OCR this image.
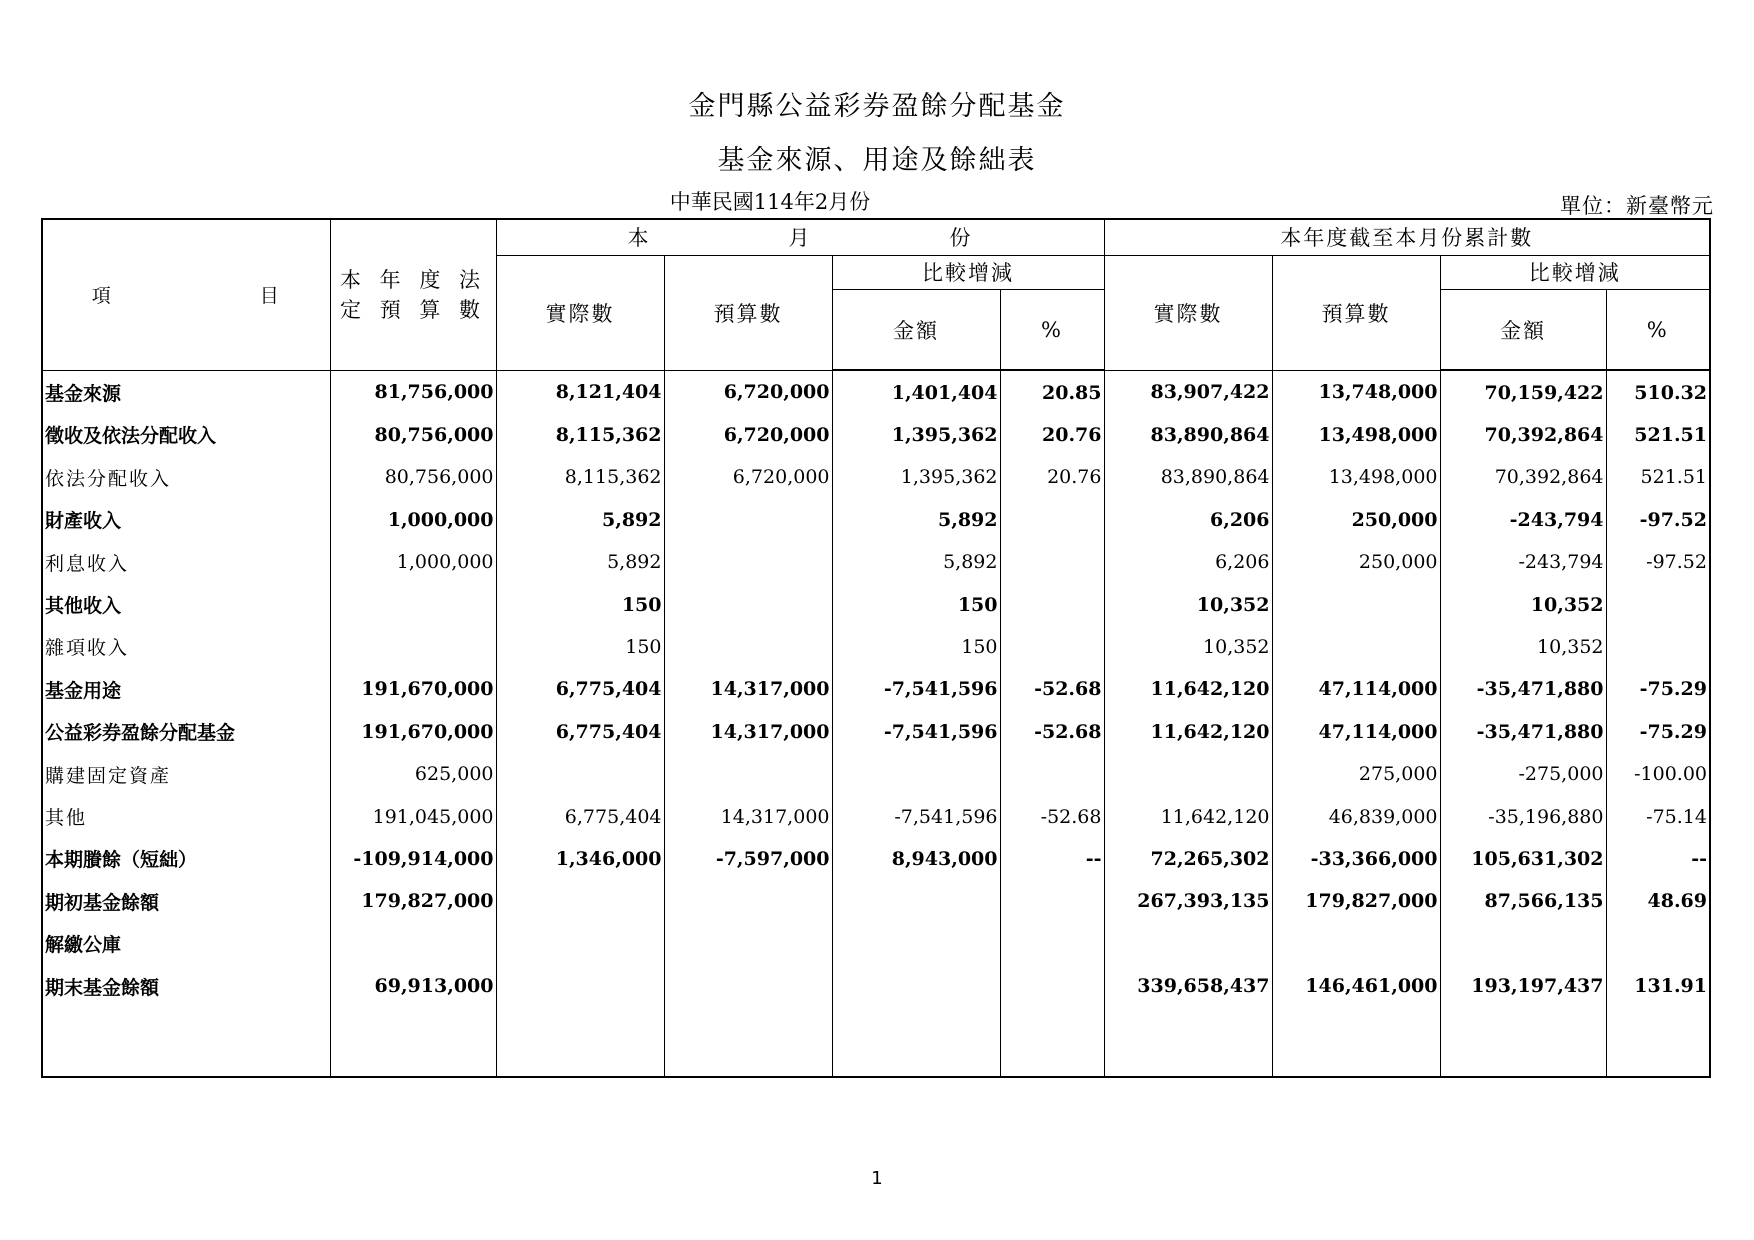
金門縣公益彩券盈餘分配基金
基金來源、用途及餘絀表
中華民國114年2月份	單位：新臺幣元
項　　　　　　　目	本 年 度 法
定 預 算 數	本　　　　　　月　　　　　　份				本年度截至本月份累計數			
		實際數	預算數	比較增減		實際數	預算數	比較增減	
				金額	%			金額	%
基金來源	81,756,000	8,121,404	6,720,000	1,401,404	20.85	83,907,422	13,748,000	70,159,422	510.32
徵收及依法分配收入	80,756,000	8,115,362	6,720,000	1,395,362	20.76	83,890,864	13,498,000	70,392,864	521.51
依法分配收入	80,756,000	8,115,362	6,720,000	1,395,362	20.76	83,890,864	13,498,000	70,392,864	521.51
財產收入	1,000,000	5,892		5,892		6,206	250,000	-243,794	-97.52
利息收入	1,000,000	5,892		5,892		6,206	250,000	-243,794	-97.52
其他收入		150		150		10,352		10,352	
雜項收入		150		150		10,352		10,352	
基金用途	191,670,000	6,775,404	14,317,000	-7,541,596	-52.68	11,642,120	47,114,000	-35,471,880	-75.29
公益彩券盈餘分配基金	191,670,000	6,775,404	14,317,000	-7,541,596	-52.68	11,642,120	47,114,000	-35,471,880	-75.29
購建固定資產	625,000						275,000	-275,000	-100.00
其他	191,045,000	6,775,404	14,317,000	-7,541,596	-52.68	11,642,120	46,839,000	-35,196,880	-75.14
本期賸餘（短絀）	-109,914,000	1,346,000	-7,597,000	8,943,000	--	72,265,302	-33,366,000	105,631,302	--
期初基金餘額	179,827,000					267,393,135	179,827,000	87,566,135	48.69
解繳公庫									
期末基金餘額	69,913,000					339,658,437	146,461,000	193,197,437	131.91

1
